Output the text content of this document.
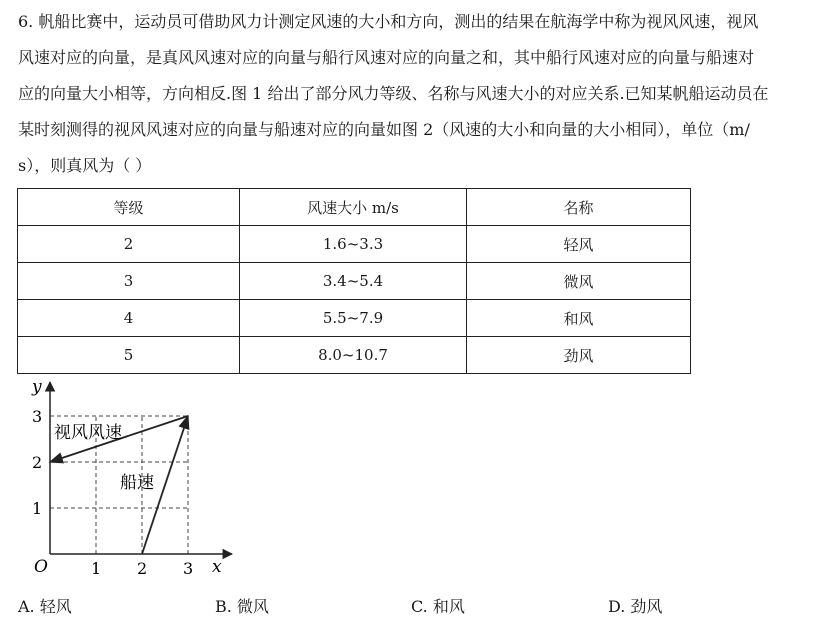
6. 帆船比赛中，运动员可借助风力计测定风速的大小和方向，测出的结果在航海学中称为视风风速，视风

风速对应的向量，是真风风速对应的向量与船行风速对应的向量之和，其中船行风速对应的向量与船速对

应的向量大小相等，方向相反.图 1 给出了部分风力等级、名称与风速大小的对应关系.已知某帆船运动员在

某时刻测得的视风风速对应的向量与船速对应的向量如图 2（风速的大小和向量的大小相同），单位（m/

s），则真风为（ ）

等级	风速大小 m/s	名称
2	1.6~3.3	轻风
3	3.4~5.4	微风
4	5.5~7.9	和风
5	8.0~10.7	劲风
y
x
O	1 2 3
1
2
3
视风风速
船速
A. 轻风	B. 微风	C. 和风	D. 劲风
